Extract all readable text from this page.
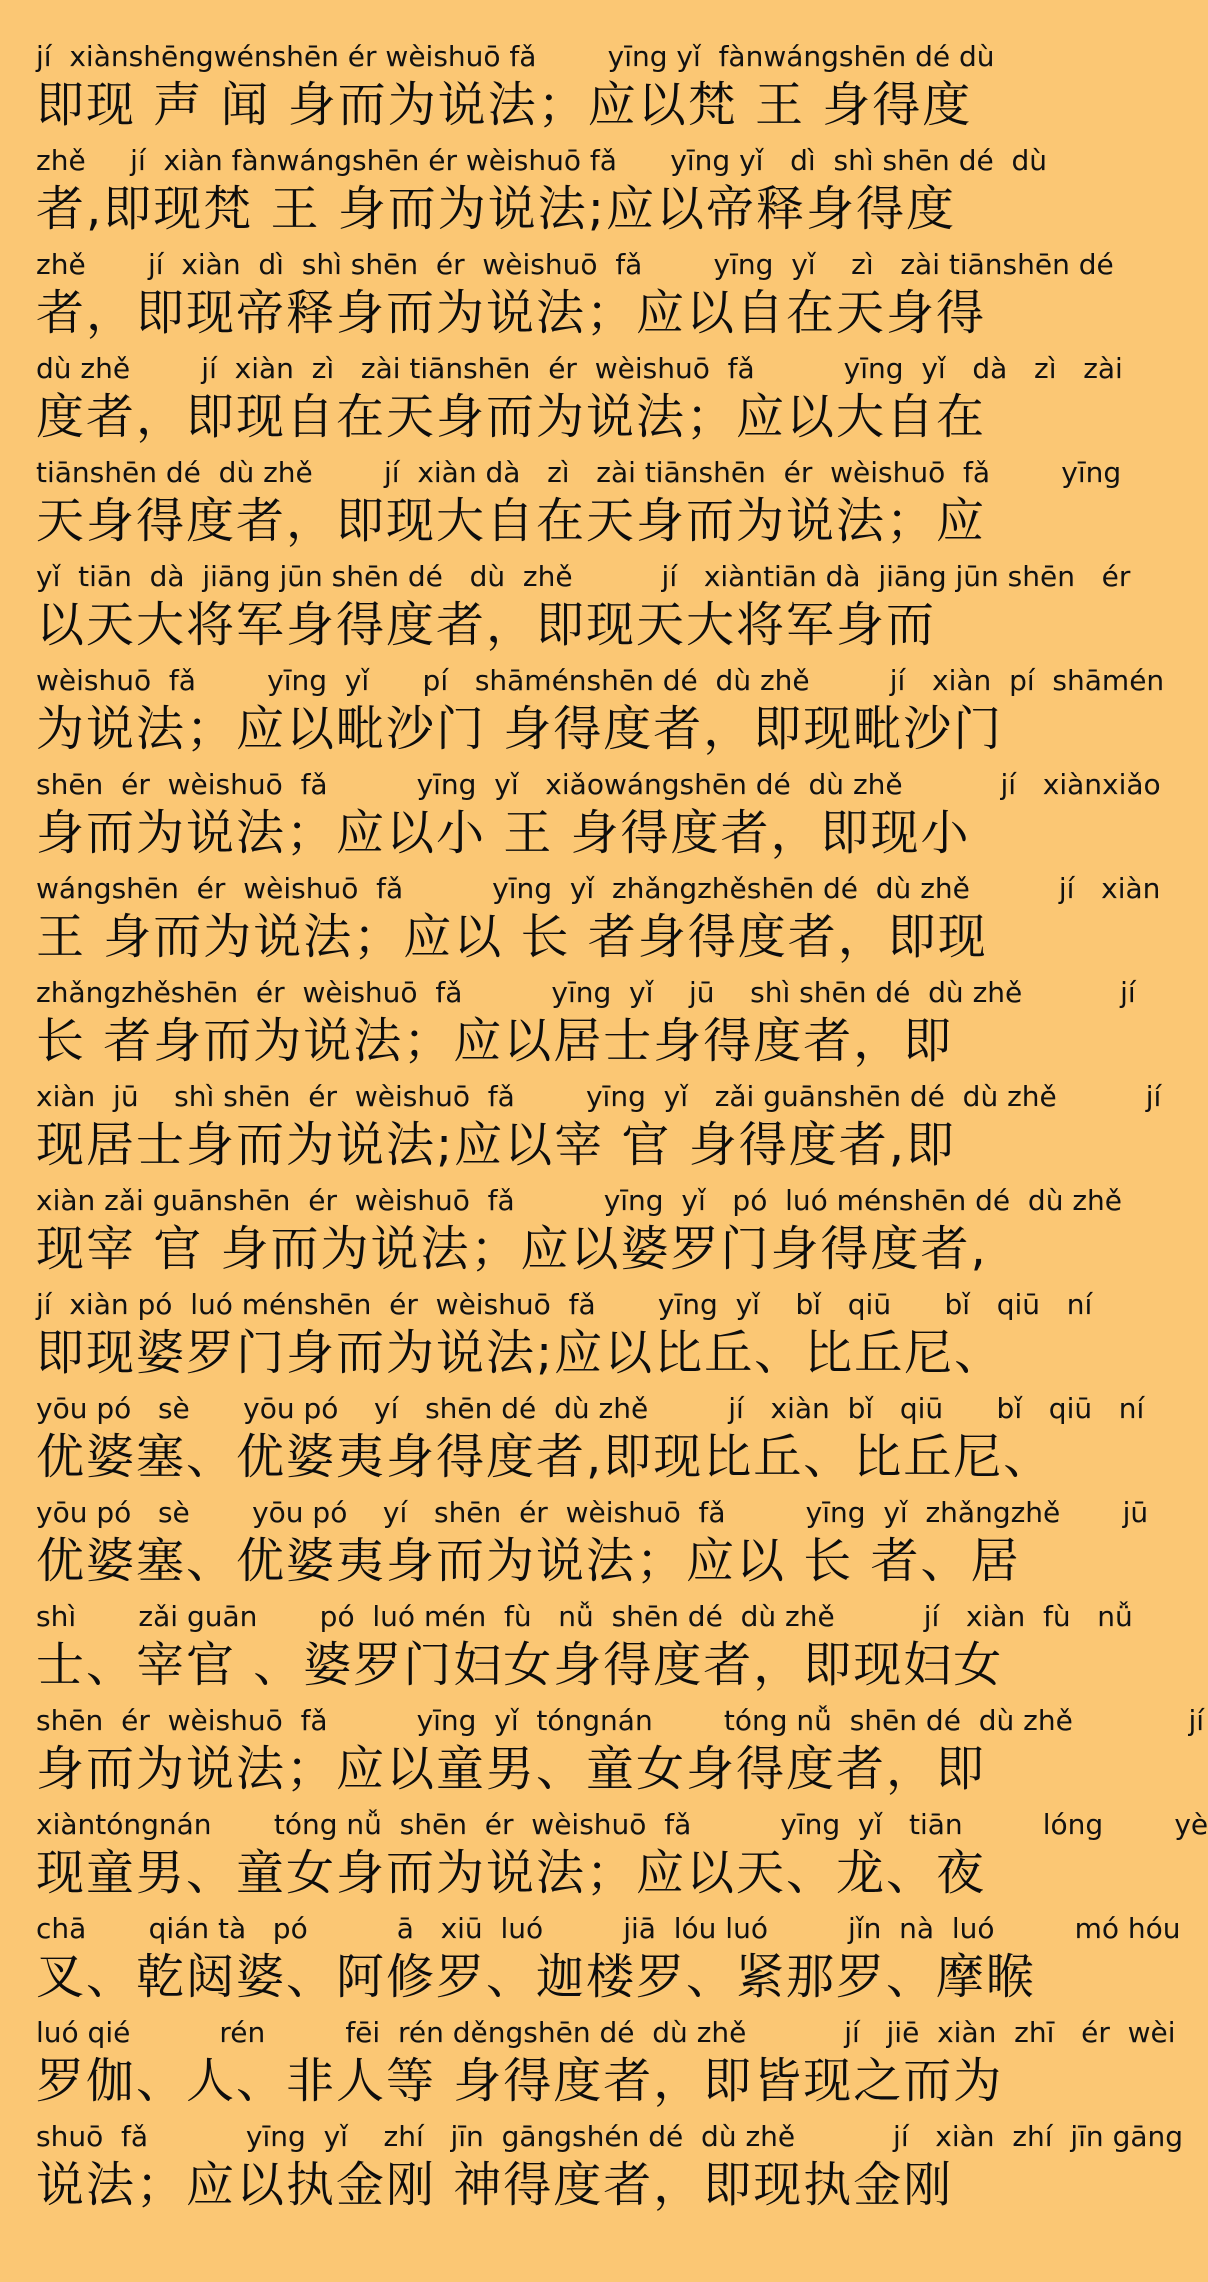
jí  xiànshēngwénshēn ér wèishuō fǎ        yīng yǐ  fànwángshēn dé dù
即现 声 闻 身而为说法；应以梵 王 身得度
zhě     jí  xiàn fànwángshēn ér wèishuō fǎ      yīng yǐ   dì  shì shēn dé  dù
者,即现梵 王 身而为说法;应以帝释身得度
zhě       jí  xiàn  dì  shì shēn  ér  wèishuō  fǎ        yīng  yǐ    zì   zài tiānshēn dé
者，即现帝释身而为说法；应以自在天身得
dù zhě        jí  xiàn  zì   zài tiānshēn  ér  wèishuō  fǎ          yīng  yǐ   dà   zì   zài
度者，即现自在天身而为说法；应以大自在
tiānshēn dé  dù zhě        jí  xiàn dà   zì   zài tiānshēn  ér  wèishuō  fǎ        yīng
天身得度者，即现大自在天身而为说法；应
yǐ  tiān  dà  jiāng jūn shēn dé   dù  zhě          jí   xiàntiān dà  jiāng jūn shēn   ér
以天大将军身得度者，即现天大将军身而
wèishuō  fǎ        yīng  yǐ      pí   shāménshēn dé  dù zhě         jí   xiàn  pí  shāmén
为说法；应以毗沙门 身得度者，即现毗沙门
shēn  ér  wèishuō  fǎ          yīng  yǐ   xiǎowángshēn dé  dù zhě           jí   xiànxiǎo
身而为说法；应以小 王 身得度者，即现小
wángshēn  ér  wèishuō  fǎ          yīng  yǐ  zhǎngzhěshēn dé  dù zhě          jí   xiàn
王 身而为说法；应以 长 者身得度者，即现
zhǎngzhěshēn  ér  wèishuō  fǎ          yīng  yǐ    jū    shì shēn dé  dù zhě           jí
长 者身而为说法；应以居士身得度者，即
xiàn  jū    shì shēn  ér  wèishuō  fǎ        yīng  yǐ   zǎi guānshēn dé  dù zhě          jí
现居士身而为说法;应以宰 官 身得度者,即
xiàn zǎi guānshēn  ér  wèishuō  fǎ          yīng  yǐ   pó  luó ménshēn dé  dù zhě
现宰 官 身而为说法；应以婆罗门身得度者,
jí  xiàn pó  luó ménshēn  ér  wèishuō  fǎ       yīng  yǐ    bǐ   qiū      bǐ   qiū   ní
即现婆罗门身而为说法;应以比丘、比丘尼、
yōu pó   sè      yōu pó    yí   shēn dé  dù zhě         jí   xiàn  bǐ   qiū      bǐ   qiū   ní
优婆塞、优婆夷身得度者,即现比丘、比丘尼、
yōu pó   sè       yōu pó    yí   shēn  ér  wèishuō  fǎ         yīng  yǐ  zhǎngzhě       jū
优婆塞、优婆夷身而为说法；应以 长 者、居
shì       zǎi guān       pó  luó mén  fù   nǚ  shēn dé  dù zhě          jí   xiàn  fù   nǚ
士、宰官 、婆罗门妇女身得度者，即现妇女
shēn  ér  wèishuō  fǎ          yīng  yǐ  tóngnán        tóng nǚ  shēn dé  dù zhě             jí
身而为说法；应以童男、童女身得度者，即
xiàntóngnán       tóng nǚ  shēn  ér  wèishuō  fǎ          yīng  yǐ   tiān         lóng        yè
现童男、童女身而为说法；应以天、龙、夜
chā       qián tà   pó          ā   xiū  luó         jiā  lóu luó         jǐn  nà  luó         mó hóu
叉、乾闼婆、阿修罗、迦楼罗、紧那罗、摩睺
luó qié          rén         fēi  rén děngshēn dé  dù zhě           jí   jiē  xiàn  zhī   ér  wèi
罗伽、人、非人等 身得度者，即皆现之而为
shuō  fǎ           yīng  yǐ    zhí   jīn  gāngshén dé  dù zhě           jí   xiàn  zhí  jīn gāng
说法；应以执金刚 神得度者，即现执金刚
